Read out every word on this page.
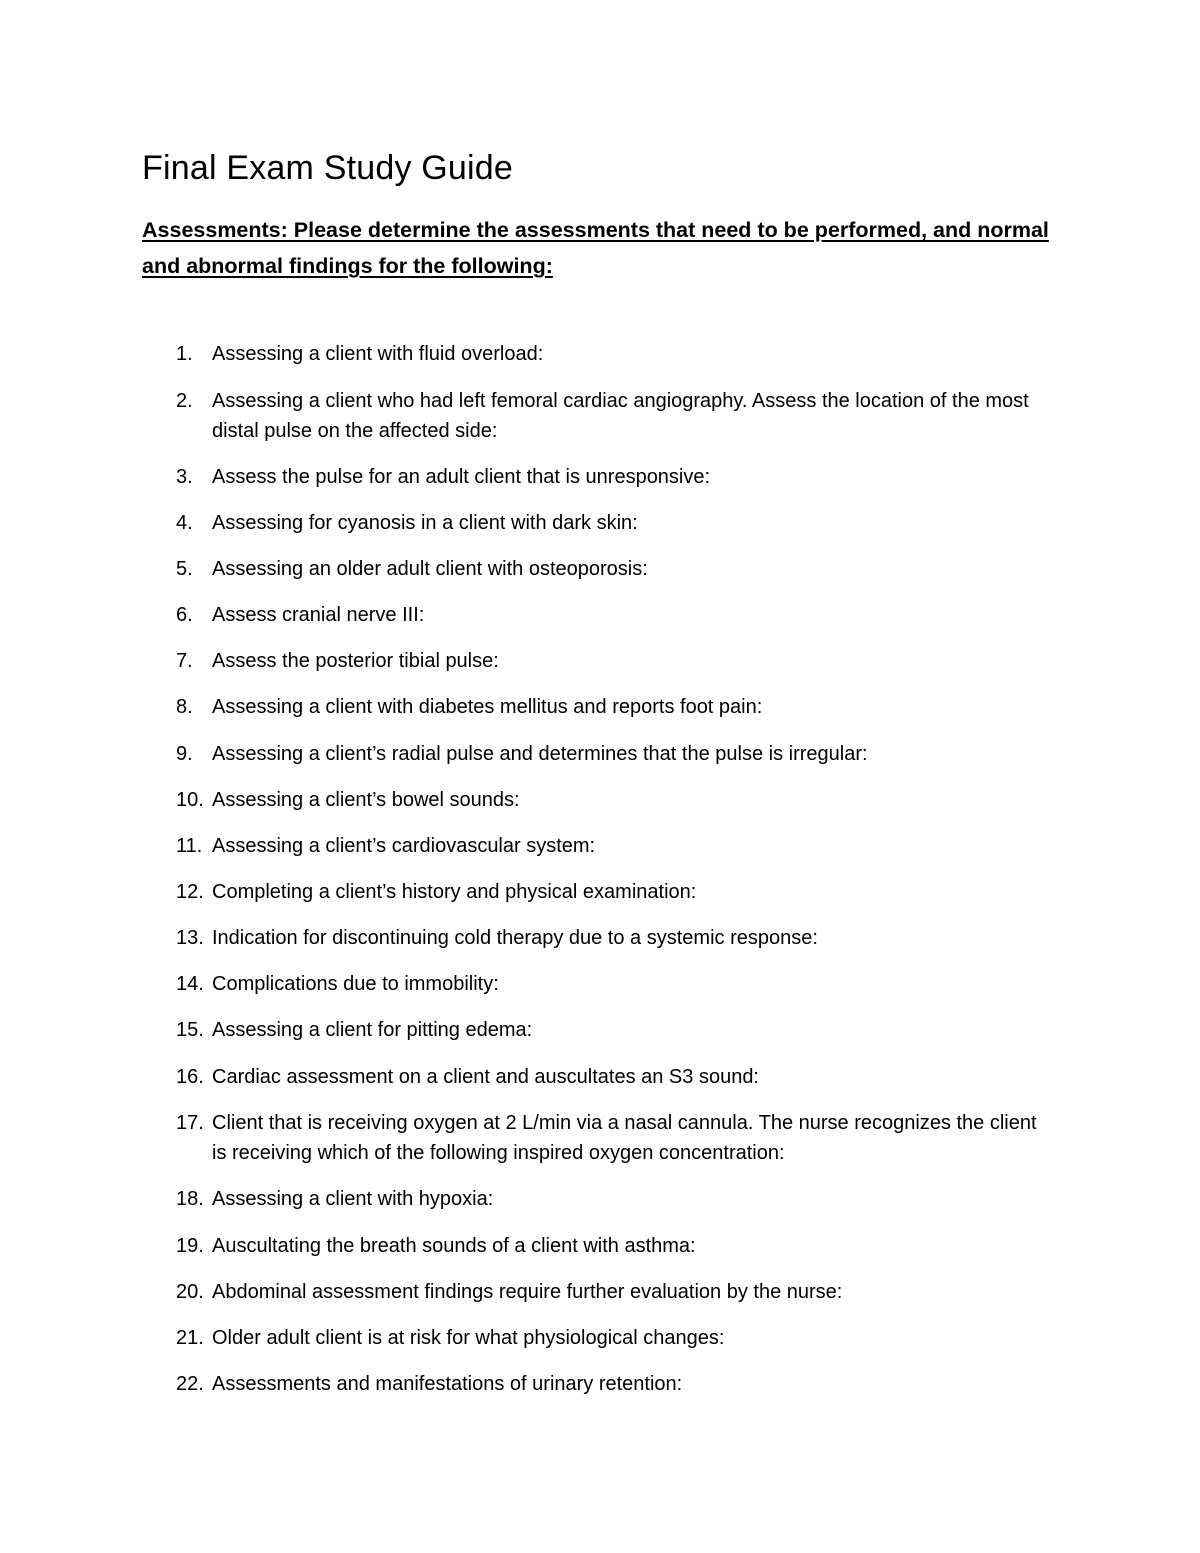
Final Exam Study Guide

Assessments: Please determine the assessments that need to be performed, and normal and abnormal findings for the following:

1. Assessing a client with fluid overload:
2. Assessing a client who had left femoral cardiac angiography. Assess the location of the most distal pulse on the affected side:
3. Assess the pulse for an adult client that is unresponsive:
4. Assessing for cyanosis in a client with dark skin:
5. Assessing an older adult client with osteoporosis:
6. Assess cranial nerve III:
7. Assess the posterior tibial pulse:
8. Assessing a client with diabetes mellitus and reports foot pain:
9. Assessing a client’s radial pulse and determines that the pulse is irregular:
10. Assessing a client’s bowel sounds:
11. Assessing a client’s cardiovascular system:
12. Completing a client’s history and physical examination:
13. Indication for discontinuing cold therapy due to a systemic response:
14. Complications due to immobility:
15. Assessing a client for pitting edema:
16. Cardiac assessment on a client and auscultates an S3 sound:
17. Client that is receiving oxygen at 2 L/min via a nasal cannula. The nurse recognizes the client is receiving which of the following inspired oxygen concentration:
18. Assessing a client with hypoxia:
19. Auscultating the breath sounds of a client with asthma:
20. Abdominal assessment findings require further evaluation by the nurse:
21. Older adult client is at risk for what physiological changes:
22. Assessments and manifestations of urinary retention:
